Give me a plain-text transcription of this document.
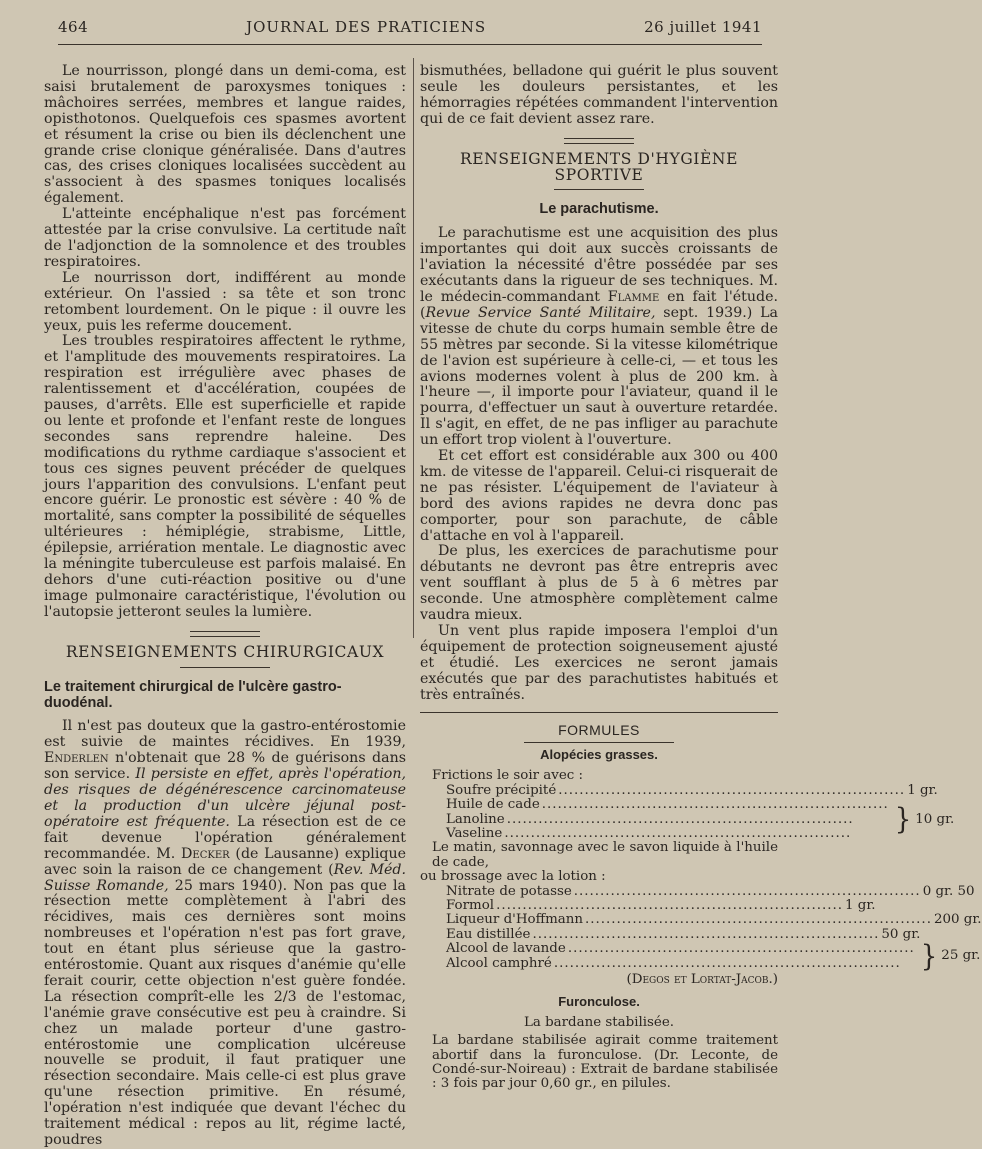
464	JOURNAL DES PRATICIENS	26 juillet 1941

Le nourrisson, plongé dans un demi-coma, est saisi brutalement de paroxysmes toniques : mâchoires serrées, membres et langue raides, opisthotonos. Quelquefois ces spasmes avortent et résument la crise ou bien ils déclenchent une grande crise clonique généralisée. Dans d'autres cas, des crises cloniques localisées succèdent au s'associent à des spasmes toniques localisés également.

L'atteinte encéphalique n'est pas forcément attestée par la crise convulsive. La certitude naît de l'adjonction de la somnolence et des troubles respiratoires.

Le nourrisson dort, indifférent au monde extérieur. On l'assied : sa tête et son tronc retombent lourdement. On le pique : il ouvre les yeux, puis les referme doucement.

Les troubles respiratoires affectent le rythme, et l'amplitude des mouvements respiratoires. La respiration est irrégulière avec phases de ralentissement et d'accélération, coupées de pauses, d'arrêts. Elle est superficielle et rapide ou lente et profonde et l'enfant reste de longues secondes sans reprendre haleine. Des modifications du rythme cardiaque s'associent et tous ces signes peuvent précéder de quelques jours l'apparition des convulsions. L'enfant peut encore guérir. Le pronostic est sévère : 40 % de mortalité, sans compter la possibilité de séquelles ultérieures : hémiplégie, strabisme, Little, épilepsie, arriération mentale. Le diagnostic avec la méningite tuberculeuse est parfois malaisé. En dehors d'une cuti-réaction positive ou d'une image pulmonaire caractéristique, l'évolution ou l'autopsie jetteront seules la lumière.

RENSEIGNEMENTS CHIRURGICAUX
Le traitement chirurgical de l'ulcère gastro-duodénal.

Il n'est pas douteux que la gastro-entérostomie est suivie de maintes récidives. En 1939, Enderlen n'obtenait que 28 % de guérisons dans son service. Il persiste en effet, après l'opération, des risques de dégénérescence carcinomateuse et la production d'un ulcère jéjunal post-opératoire est fréquente. La résection est de ce fait devenue l'opération généralement recommandée. M. Decker (de Lausanne) explique avec soin la raison de ce changement (Rev. Méd. Suisse Romande, 25 mars 1940). Non pas que la résection mette complètement à l'abri des récidives, mais ces dernières sont moins nombreuses et l'opération n'est pas fort grave, tout en étant plus sérieuse que la gastro-entérostomie. Quant aux risques d'anémie qu'elle ferait courir, cette objection n'est guère fondée. La résection comprît-elle les 2/3 de l'estomac, l'anémie grave consécutive est peu à craindre. Si chez un malade porteur d'une gastro-entérostomie une complication ulcéreuse nouvelle se produit, il faut pratiquer une résection secondaire. Mais celle-ci est plus grave qu'une résection primitive. En résumé, l'opération n'est indiquée que devant l'échec du traitement médical : repos au lit, régime lacté, poudres

bismuthées, belladone qui guérit le plus souvent seule les douleurs persistantes, et les hémorragies répétées commandent l'intervention qui de ce fait devient assez rare.

RENSEIGNEMENTS D'HYGIÈNE SPORTIVE
Le parachutisme.

Le parachutisme est une acquisition des plus importantes qui doit aux succès croissants de l'aviation la nécessité d'être possédée par ses exécutants dans la rigueur de ses techniques. M. le médecin-commandant Flamme en fait l'étude. (Revue Service Santé Militaire, sept. 1939.) La vitesse de chute du corps humain semble être de 55 mètres par seconde. Si la vitesse kilométrique de l'avion est supérieure à celle-ci, — et tous les avions modernes volent à plus de 200 km. à l'heure —, il importe pour l'aviateur, quand il le pourra, d'effectuer un saut à ouverture retardée. Il s'agit, en effet, de ne pas infliger au parachute un effort trop violent à l'ouverture.

Et cet effort est considérable aux 300 ou 400 km. de vitesse de l'appareil. Celui-ci risquerait de ne pas résister. L'équipement de l'aviateur à bord des avions rapides ne devra donc pas comporter, pour son parachute, de câble d'attache en vol à l'appareil.

De plus, les exercices de parachutisme pour débutants ne devront pas être entrepris avec vent soufflant à plus de 5 à 6 mètres par seconde. Une atmosphère complètement calme vaudra mieux.

Un vent plus rapide imposera l'emploi d'un équipement de protection soigneusement ajusté et étudié. Les exercices ne seront jamais exécutés que par des parachutistes habitués et très entraînés.

FORMULES
Alopécies grasses.
Frictions le soir avec :
Soufre précipité .................................................................. 1 gr.
Huile de cade ..................................................................
Lanoline ..................................................................
Vaseline ..................................................................	} 10 gr.
Le matin, savonnage avec le savon liquide à l'huile de cade,
ou brossage avec la lotion :
Nitrate de potasse .................................................................. 0 gr. 50
Formol .................................................................. 1 gr.
Liqueur d'Hoffmann .................................................................. 200 gr.
Eau distillée .................................................................. 50 gr.
Alcool de lavande ..................................................................
Alcool camphré .................................................................. } 25 gr.
(Degos et Lortat-Jacob.)
Furonculose.
La bardane stabilisée.
La bardane stabilisée agirait comme traitement abortif dans la furonculose. (Dr. Leconte, de Condé-sur-Noireau) : Extrait de bardane stabilisée : 3 fois par jour 0,60 gr., en pilules.
